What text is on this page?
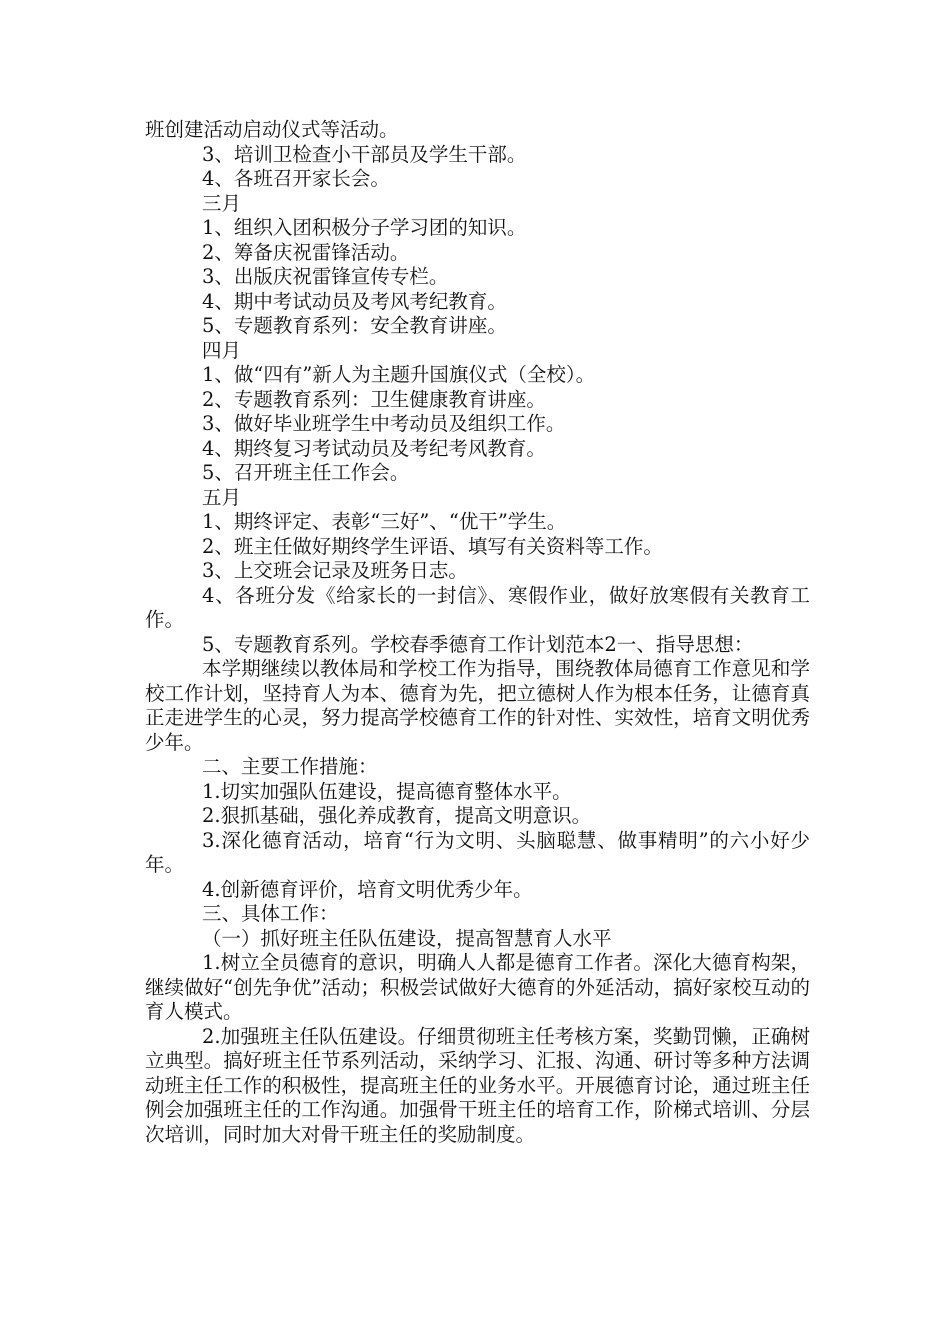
班创建活动启动仪式等活动。
3、培训卫检查小干部员及学生干部。
4、各班召开家长会。
三月
1、组织入团积极分子学习团的知识。
2、筹备庆祝雷锋活动。
3、出版庆祝雷锋宣传专栏。
4、期中考试动员及考风考纪教育。
5、专题教育系列：安全教育讲座。
四月
1、做“四有”新人为主题升国旗仪式（全校）。
2、专题教育系列：卫生健康教育讲座。
3、做好毕业班学生中考动员及组织工作。
4、期终复习考试动员及考纪考风教育。
5、召开班主任工作会。
五月
1、期终评定、表彰“三好”、“优干”学生。
2、班主任做好期终学生评语、填写有关资料等工作。
3、上交班会记录及班务日志。
4、各班分发《给家长的一封信》、寒假作业，做好放寒假有关教育工作。
5、专题教育系列。学校春季德育工作计划范本2一、指导思想：
本学期继续以教体局和学校工作为指导，围绕教体局德育工作意见和学校工作计划，坚持育人为本、德育为先，把立德树人作为根本任务，让德育真正走进学生的心灵，努力提高学校德育工作的针对性、实效性，培育文明优秀少年。
二、主要工作措施：
1.切实加强队伍建设，提高德育整体水平。
2.狠抓基础，强化养成教育，提高文明意识。
3.深化德育活动，培育“行为文明、头脑聪慧、做事精明”的六小好少年。
4.创新德育评价，培育文明优秀少年。
三、具体工作：
（一）抓好班主任队伍建设，提高智慧育人水平
1.树立全员德育的意识，明确人人都是德育工作者。深化大德育构架，继续做好“创先争优”活动；积极尝试做好大德育的外延活动，搞好家校互动的育人模式。
2.加强班主任队伍建设。仔细贯彻班主任考核方案，奖勤罚懒，正确树立典型。搞好班主任节系列活动，采纳学习、汇报、沟通、研讨等多种方法调动班主任工作的积极性，提高班主任的业务水平。开展德育讨论，通过班主任例会加强班主任的工作沟通。加强骨干班主任的培育工作，阶梯式培训、分层次培训，同时加大对骨干班主任的奖励制度。
